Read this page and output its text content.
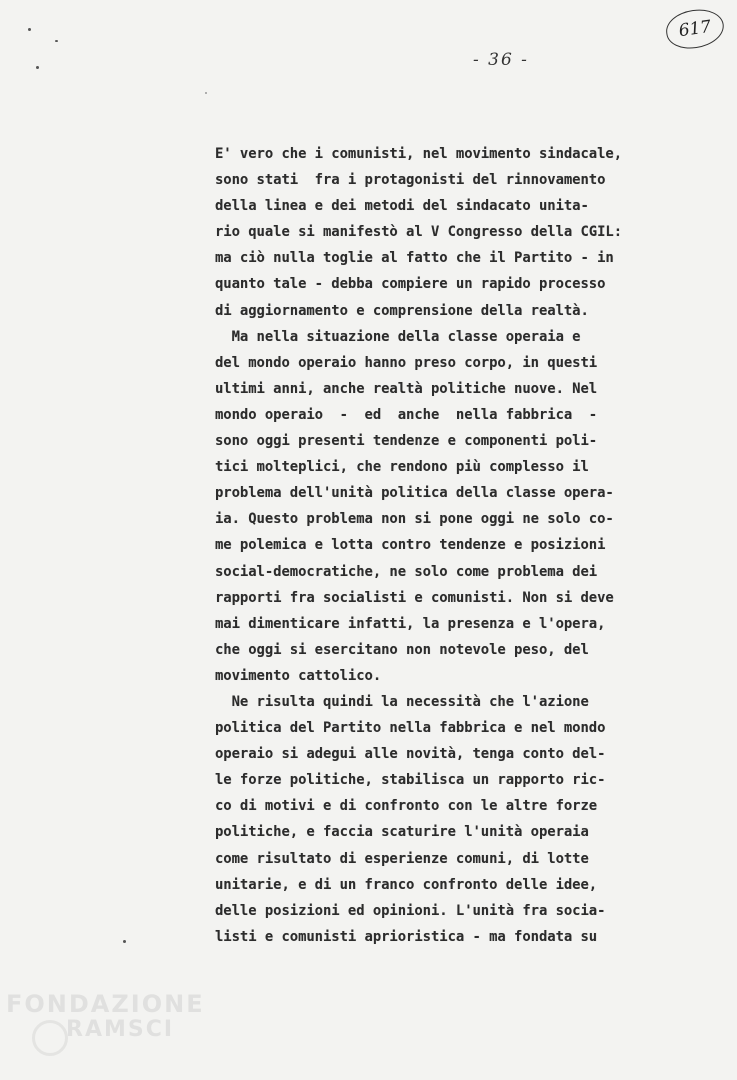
617
- 36 -
E' vero che i comunisti, nel movimento sindacale,
sono stati  fra i protagonisti del rinnovamento
della linea e dei metodi del sindacato unita-
rio quale si manifestò al V Congresso della CGIL:
ma ciò nulla toglie al fatto che il Partito - in
quanto tale - debba compiere un rapido processo
di aggiornamento e comprensione della realtà.
Ma nella situazione della classe operaia e
del mondo operaio hanno preso corpo, in questi
ultimi anni, anche realtà politiche nuove. Nel
mondo operaio  -  ed  anche  nella fabbrica  -
sono oggi presenti tendenze e componenti poli-
tici molteplici, che rendono più complesso il
problema dell'unità politica della classe opera-
ia. Questo problema non si pone oggi ne solo co-
me polemica e lotta contro tendenze e posizioni
social-democratiche, ne solo come problema dei
rapporti fra socialisti e comunisti. Non si deve
mai dimenticare infatti, la presenza e l'opera,
che oggi si esercitano non notevole peso, del
movimento cattolico.
Ne risulta quindi la necessità che l'azione
politica del Partito nella fabbrica e nel mondo
operaio si adegui alle novità, tenga conto del-
le forze politiche, stabilisca un rapporto ric-
co di motivi e di confronto con le altre forze
politiche, e faccia scaturire l'unità operaia
come risultato di esperienze comuni, di lotte
unitarie, e di un franco confronto delle idee,
delle posizioni ed opinioni. L'unità fra socia-
listi e comunisti aprioristica - ma fondata su
FONDAZIONE
RAMSCI
